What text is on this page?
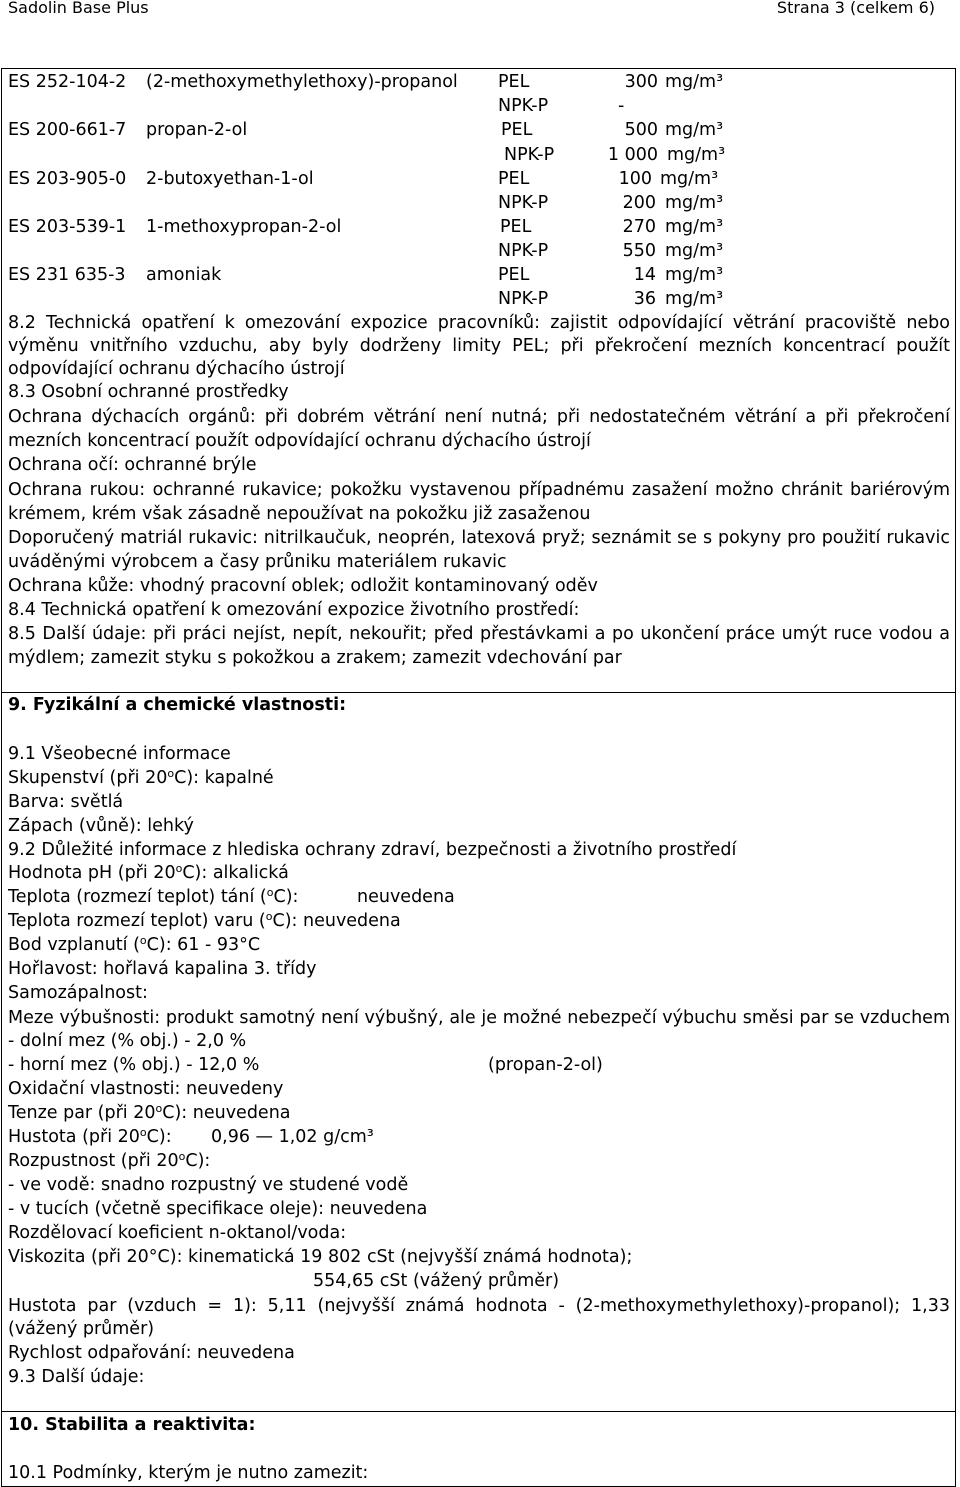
Sadolin Base Plus	Strana 3 (celkem 6)
ES 252-104-2 (2-methoxymethylethoxy)-propanol PEL	300 mg/m³
NPK-P	-
ES 200-661-7 propan-2-ol	PEL	500 mg/m³
NPK-P	1 000 mg/m³
ES 203-905-0 2-butoxyethan-1-ol	PEL	100 mg/m³
NPK-P	200 mg/m³
ES 203-539-1 1-methoxypropan-2-ol	PEL	270 mg/m³
NPK-P	550 mg/m³
ES 231 635-3 amoniak	PEL	14 mg/m³
NPK-P	36 mg/m³
8.2 Technická opatření k omezování expozice pracovníků: zajistit odpovídající větrání pracoviště nebo
výměnu vnitřního vzduchu, aby byly dodrženy limity PEL; při překročení mezních koncentrací použít
odpovídající ochranu dýchacího ústrojí
8.3 Osobní ochranné prostředky
Ochrana dýchacích orgánů: při dobrém větrání není nutná; při nedostatečném větrání a při překročení
mezních koncentrací použít odpovídající ochranu dýchacího ústrojí
Ochrana očí: ochranné brýle
Ochrana rukou: ochranné rukavice; pokožku vystavenou případnému zasažení možno chránit bariérovým
krémem, krém však zásadně nepoužívat na pokožku již zasaženou
Doporučený matriál rukavic: nitrilkaučuk, neoprén, latexová pryž; seznámit se s pokyny pro použití rukavic
uváděnými výrobcem a časy průniku materiálem rukavic
Ochrana kůže: vhodný pracovní oblek; odložit kontaminovaný oděv
8.4 Technická opatření k omezování expozice životního prostředí:
8.5 Další údaje: při práci nejíst, nepít, nekouřit; před přestávkami a po ukončení práce umýt ruce vodou a
mýdlem; zamezit styku s pokožkou a zrakem; zamezit vdechování par
9. Fyzikální a chemické vlastnosti:
9.1 Všeobecné informace
Skupenství (při 20$^o$C): kapalné
Barva: světlá
Zápach (vůně): lehký
9.2 Důležité informace z hlediska ochrany zdraví, bezpečnosti a životního prostředí
Hodnota pH (při 20$^o$C): alkalická
Teplota (rozmezí teplot) tání ($^o$C):	neuvedena
Teplota rozmezí teplot) varu ($^o$C): neuvedena
Bod vzplanutí ($^o$C): 61 - 93°C
Hořlavost: hořlavá kapalina 3. třídy
Samozápalnost:
Meze výbušnosti: produkt samotný není výbušný, ale je možné nebezpečí výbuchu směsi par se vzduchem
- dolní mez (% obj.) - 2,0 %
- horní mez (% obj.) - 12,0 %	(propan-2-ol)
Oxidační vlastnosti: neuvedeny
Tenze par (při 20$^o$C): neuvedena
Hustota (při 20$^o$C): 0,96 — 1,02 g/cm³
Rozpustnost (při 20$^o$C):
- ve vodě: snadno rozpustný ve studené vodě
- v tucích (včetně specifikace oleje): neuvedena
Rozdělovací koeficient n-oktanol/voda:
Viskozita (při 20°C): kinematická 19 802 cSt (nejvyšší známá hodnota);
554,65 cSt (vážený průměr)
Hustota par (vzduch = 1): 5,11 (nejvyšší známá hodnota - (2-methoxymethylethoxy)-propanol); 1,33
(vážený průměr)
Rychlost odpařování: neuvedena
9.3 Další údaje:
10. Stabilita a reaktivita:
10.1 Podmínky, kterým je nutno zamezit:
